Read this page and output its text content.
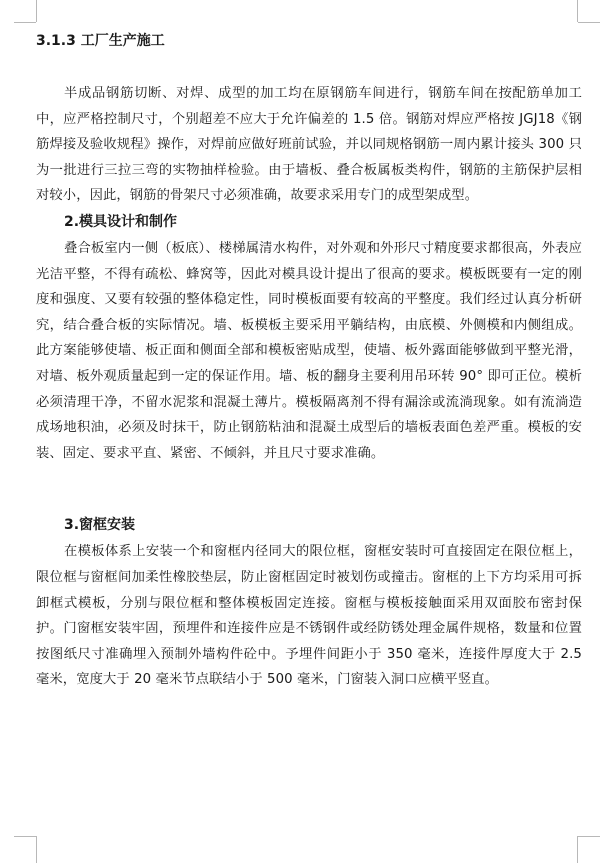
3.1.3 工厂生产施工

半成品钢筋切断、对焊、成型的加工均在原钢筋车间进行，钢筋车间在按配筋单加工中，应严格控制尺寸，个别超差不应大于允许偏差的 1.5 倍。钢筋对焊应严格按 JGJ18《钢筋焊接及验收规程》操作，对焊前应做好班前试验，并以同规格钢筋一周内累计接头 300 只为一批进行三拉三弯的实物抽样检验。由于墙板、叠合板属板类构件，钢筋的主筋保护层相对较小，因此，钢筋的骨架尺寸必须准确，故要求采用专门的成型架成型。

2.模具设计和制作

叠合板室内一侧（板底）、楼梯属清水构件，对外观和外形尺寸精度要求都很高，外表应光洁平整，不得有疏松、蜂窝等，因此对模具设计提出了很高的要求。模板既要有一定的刚度和强度、又要有较强的整体稳定性，同时模板面要有较高的平整度。我们经过认真分析研究，结合叠合板的实际情况。墙、板模板主要采用平躺结构，由底模、外侧模和内侧组成。此方案能够使墙、板正面和侧面全部和模板密贴成型，使墙、板外露面能够做到平整光滑，对墙、板外观质量起到一定的保证作用。墙、板的翻身主要利用吊环转 90° 即可正位。模析必须清理干净，不留水泥浆和混凝土薄片。模板隔离剂不得有漏涂或流淌现象。如有流淌造成场地积油，必须及时抹干，防止钢筋粘油和混凝土成型后的墙板表面色差严重。模板的安装、固定、要求平直、紧密、不倾斜，并且尺寸要求准确。

3.窗框安装

在模板体系上安装一个和窗框内径同大的限位框，窗框安装时可直接固定在限位框上，限位框与窗框间加柔性橡胶垫层，防止窗框固定时被划伤或撞击。窗框的上下方均采用可拆卸框式模板，分别与限位框和整体模板固定连接。窗框与模板接触面采用双面胶布密封保护。门窗框安装牢固，预埋件和连接件应是不锈钢件或经防锈处理金属件规格，数量和位置按图纸尺寸准确埋入预制外墙构件砼中。予埋件间距小于 350 毫米，连接件厚度大于 2.5 毫米，宽度大于 20 毫米节点联结小于 500 毫米，门窗装入洞口应横平竖直。
